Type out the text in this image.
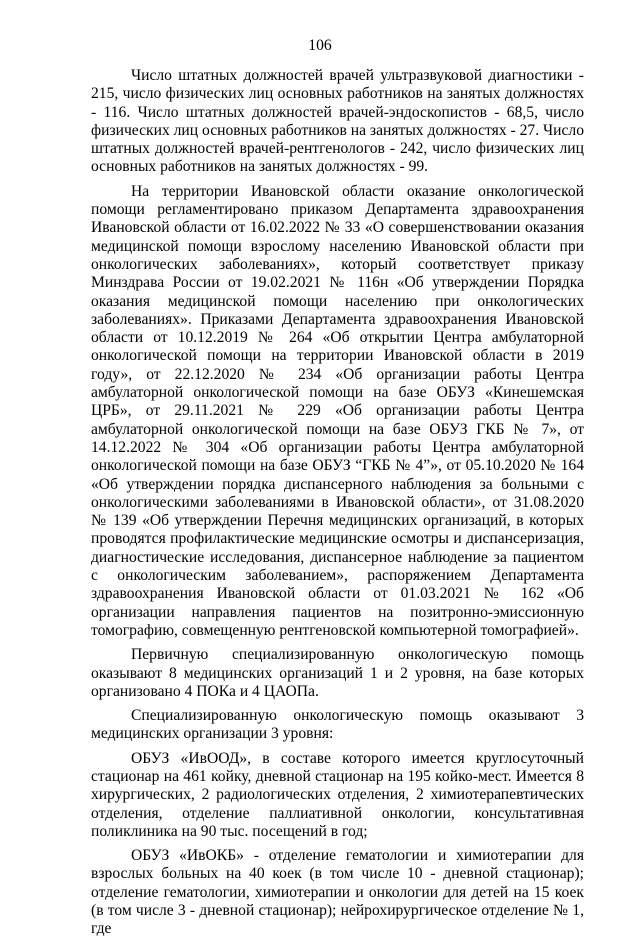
106

Число штатных должностей врачей ультразвуковой диагностики - 215, число физических лиц основных работников на занятых должностях - 116. Число штатных должностей врачей-эндоскопистов - 68,5, число физических лиц основных работников на занятых должностях - 27. Число штатных должностей врачей-рентгенологов - 242, число физических лиц основных работников на занятых должностях - 99.

На территории Ивановской области оказание онкологической помощи регламентировано приказом Департамента здравоохранения Ивановской области от 16.02.2022 № 33 «О совершенствовании оказания медицинской помощи взрослому населению Ивановской области при онкологических заболеваниях», который соответствует приказу Минздрава России от 19.02.2021 № 116н «Об утверждении Порядка оказания медицинской помощи населению при онкологических заболеваниях». Приказами Департамента здравоохранения Ивановской области от 10.12.2019 № 264 «Об открытии Центра амбулаторной онкологической помощи на территории Ивановской области в 2019 году», от 22.12.2020 № 234 «Об организации работы Центра амбулаторной онкологической помощи на базе ОБУЗ «Кинешемская ЦРБ», от 29.11.2021 № 229 «Об организации работы Центра амбулаторной онкологической помощи на базе ОБУЗ ГКБ № 7», от 14.12.2022 № 304 «Об организации работы Центра амбулаторной онкологической помощи на базе ОБУЗ “ГКБ № 4”», от 05.10.2020 № 164 «Об утверждении порядка диспансерного наблюдения за больными с онкологическими заболеваниями в Ивановской области», от 31.08.2020 № 139 «Об утверждении Перечня медицинских организаций, в которых проводятся профилактические медицинские осмотры и диспансеризация, диагностические исследования, диспансерное наблюдение за пациентом с онкологическим заболеванием», распоряжением Департамента здравоохранения Ивановской области от 01.03.2021 № 162 «Об организации направления пациентов на позитронно-эмиссионную томографию, совмещенную рентгеновской компьютерной томографией».

Первичную специализированную онкологическую помощь оказывают 8 медицинских организаций 1 и 2 уровня, на базе которых организовано 4 ПОКа и 4 ЦАОПа.

Специализированную онкологическую помощь оказывают 3 медицинских организации 3 уровня:

ОБУЗ «ИвООД», в составе которого имеется круглосуточный стационар на 461 койку, дневной стационар на 195 койко-мест. Имеется 8 хирургических, 2 радиологических отделения, 2 химиотерапевтических отделения, отделение паллиативной онкологии, консультативная поликлиника на 90 тыс. посещений в год;

ОБУЗ «ИвОКБ» - отделение гематологии и химиотерапии для взрослых больных на 40 коек (в том числе 10 - дневной стационар); отделение гематологии, химиотерапии и онкологии для детей на 15 коек (в том числе 3 - дневной стационар); нейрохирургическое отделение № 1, где
